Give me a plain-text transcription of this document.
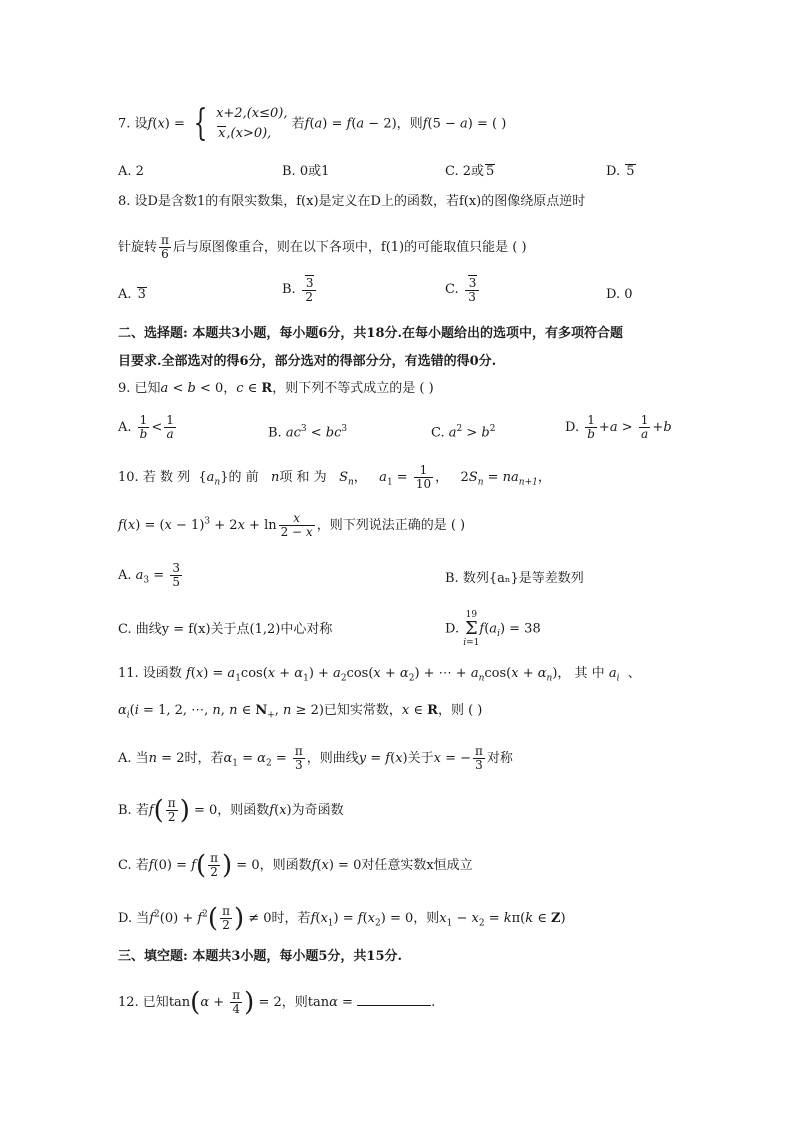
7. 设f(x) = { x+2,(x≤0),
x,(x>0),
若f(a) = f(a − 2)，则f(5 − a) = ( )
A. 2	B. 0或1	C. 2或 5	D. 5
8. 设D是含数1的有限实数集，f(x)是定义在D上的函数，若f(x)的图像绕原点逆时
针旋转 $\frac{\pi}{6}$ 后与原图像重合，则在以下各项中，f(1)的可能取值只能是 ( )
A. 3	B. $\frac{3}{2}$	C. $\frac{3}{3}$	D. 0
二、选择题: 本题共3小题，每小题6分，共18分.在每小题给出的选项中，有多项符合题
目要求.全部选对的得6分，部分选对的得部分分，有选错的得0分.
9. 已知a < b < 0，c ∈ R，则下列不等式成立的是 ( )
A. $\frac{1}{b} < \frac{1}{a}$	B. $ac^3 < bc^3$	C. $a^2 > b^2$	D. $\frac{1}{b} +a > \frac{1}{a} +b$
10. 若 数 列  $\{a_n\}$的 前 n项 和 为 $S_n$，   $a_1 = \frac{1}{10}$ ，   $2S_n = na_{n+1}$，
$f(x) = (x - 1)^3 + 2x + \ln \frac{x}{2 - x}$ ，则下列说法正确的是 ( )
A. $a_3 = \frac{3}{5}$	B. 数列{aₙ}是等差数列
C. 曲线y = f(x)关于点(1,2)中心对称	D. 19
Σ
$i=1f(a_i) = 38$
11. 设函数 $f(x) = a_1\cos(x + \alpha_1) + a_2\cos(x + \alpha_2)$ + ⋯ + $a_n\cos(x + \alpha_n)$， 其 中 $a_i$  、
$\alpha_i(i = 1$, 2, ⋯, n, n ∈ $N_+$, n ≥ 2)已知实常数，x ∈ R，则 ( )
A. 当n = 2时，若$\alpha_1 = \alpha_2 = \frac{\pi}{3}$ ，则曲线y = f(x)关于x = − $\frac{\pi}{3}$ 对称
B. 若$f( \frac{\pi}{2}$ ) = 0，则函数f(x)为奇函数
C. 若$f(0) = f( \frac{\pi}{2}$ ) = 0，则函数f(x) = 0对任意实数x恒成立
D. 当$f^2(0) + f^2( \frac{\pi}{2}$ ) ≠ 0时，若$f(x_1) = f(x_2) = 0$，则$x_1 - x_2 = k\pi(k$ ∈ Z)
三、填空题: 本题共3小题，每小题5分，共15分.
12. 已知$\tan(\alpha + \frac{\pi}{4}$ ) = 2，则tanα =	.
